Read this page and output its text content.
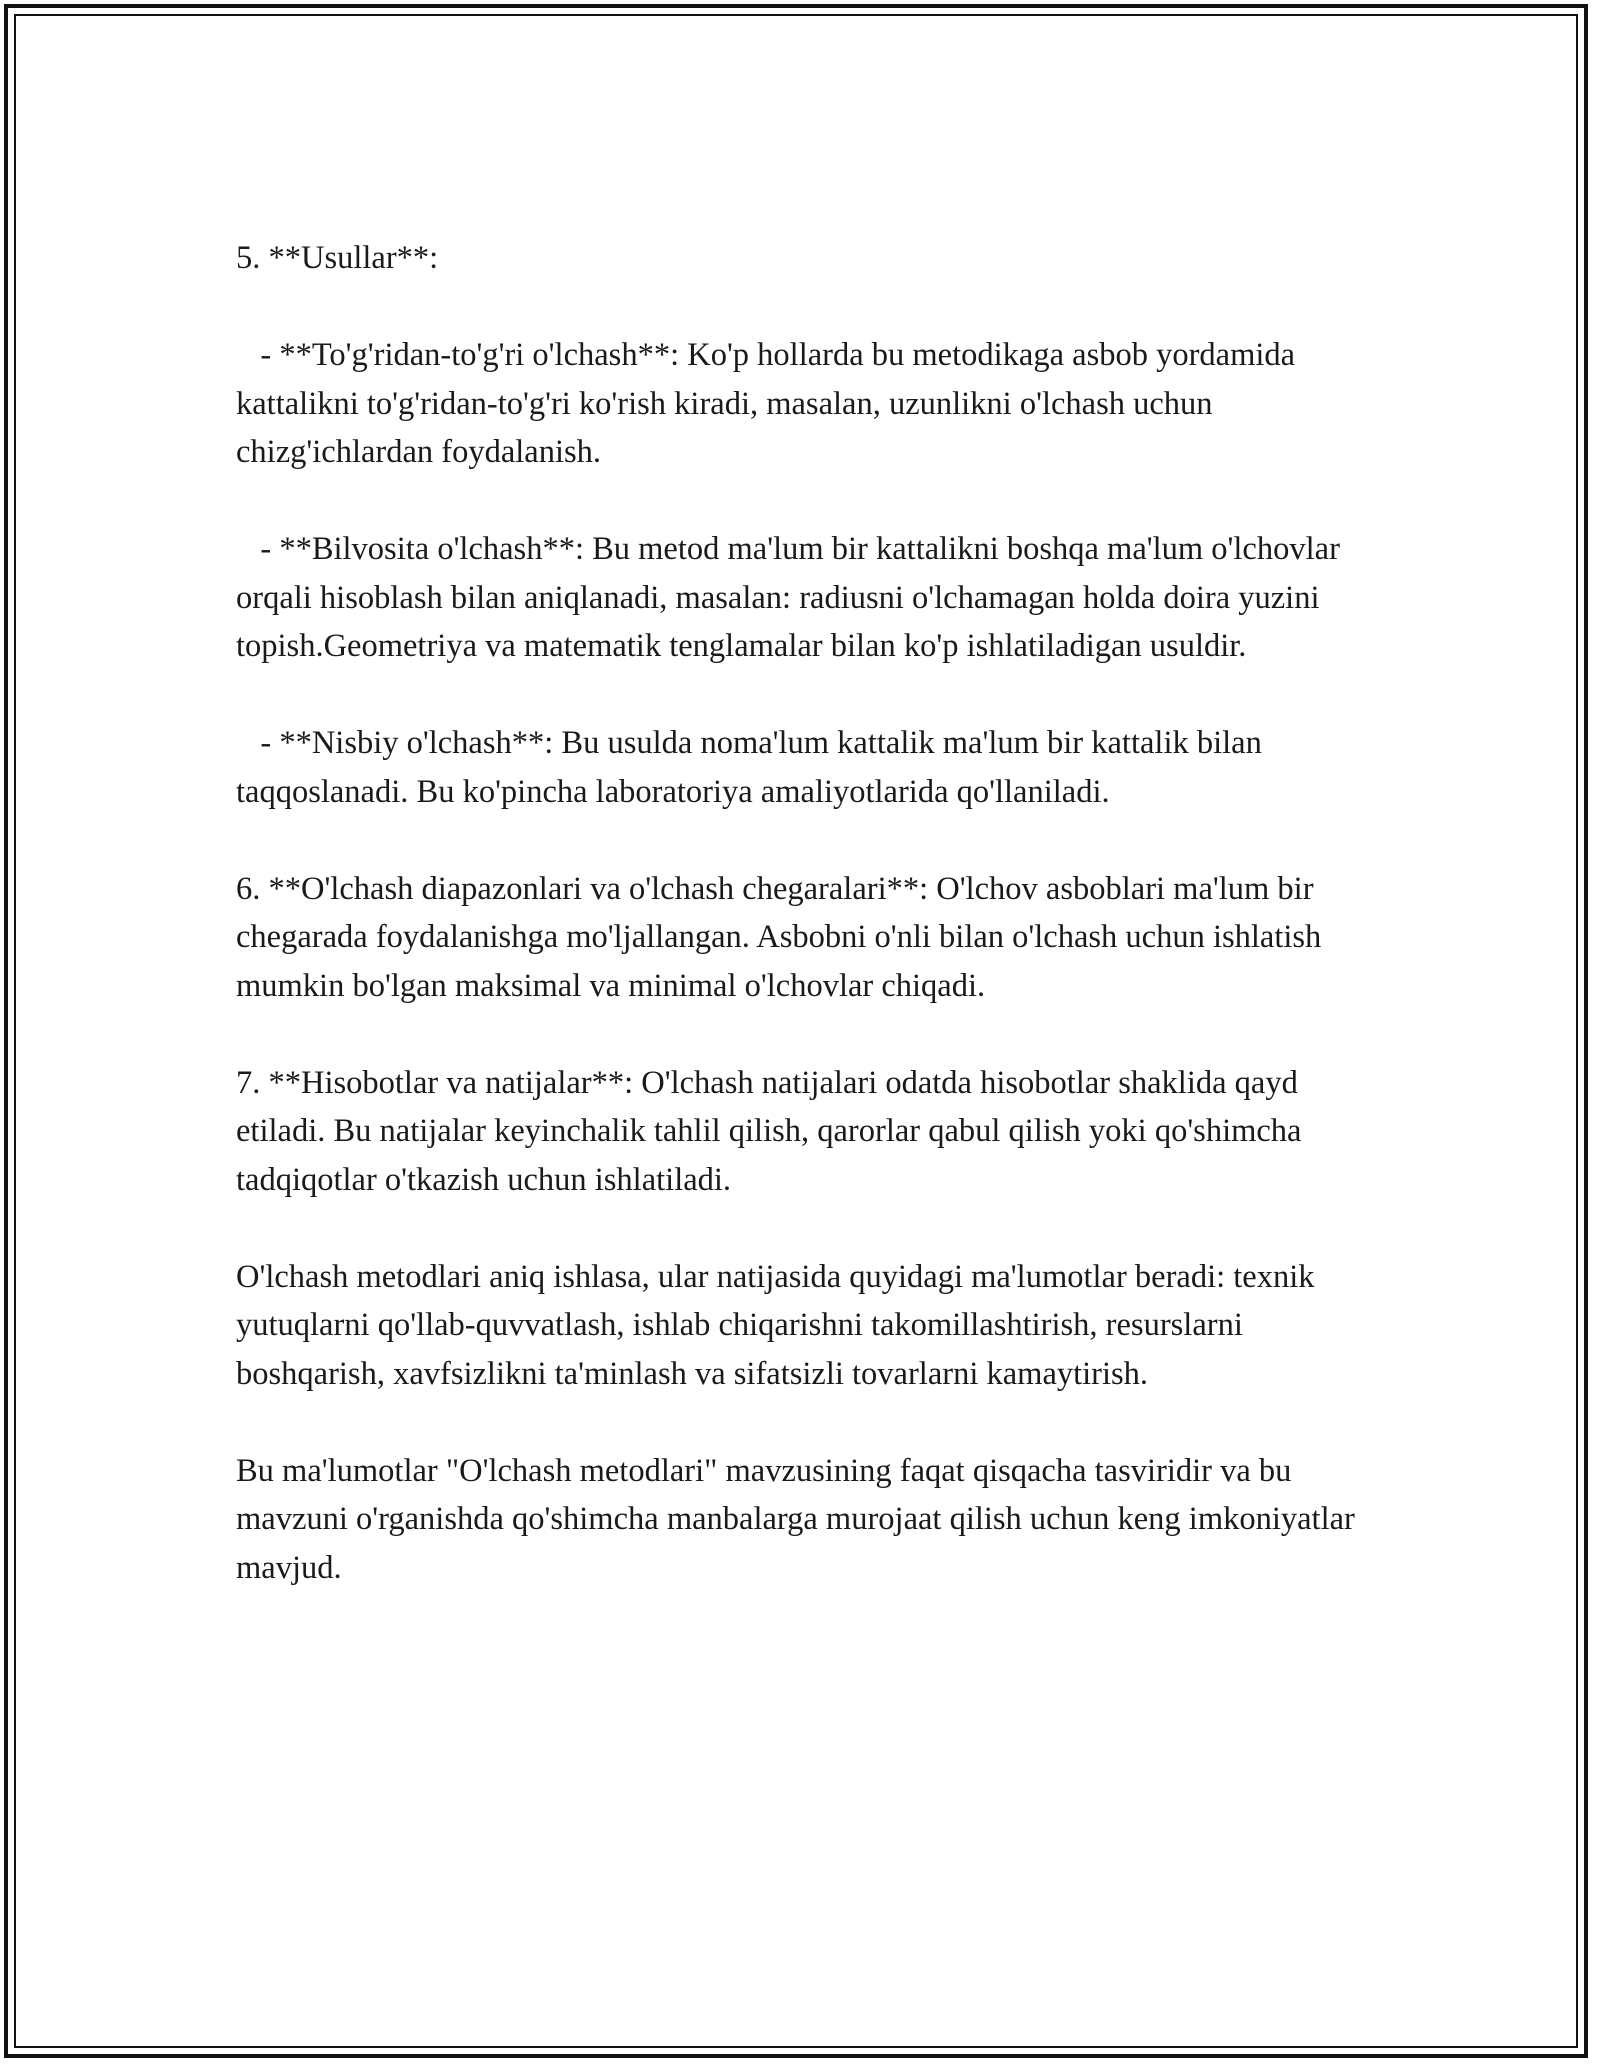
5. **Usullar**:

- **To'g'ridan-to'g'ri o'lchash**: Ko'p hollarda bu metodikaga asbob yordamida kattalikni to'g'ridan-to'g'ri ko'rish kiradi, masalan, uzunlikni o'lchash uchun chizg'ichlardan foydalanish.

- **Bilvosita o'lchash**: Bu metod ma'lum bir kattalikni boshqa ma'lum o'lchovlar orqali hisoblash bilan aniqlanadi, masalan: radiusni o'lchamagan holda doira yuzini topish.Geometriya va matematik tenglamalar bilan ko'p ishlatiladigan usuldir.

- **Nisbiy o'lchash**: Bu usulda noma'lum kattalik ma'lum bir kattalik bilan taqqoslanadi. Bu ko'pincha laboratoriya amaliyotlarida qo'llaniladi.

6. **O'lchash diapazonlari va o'lchash chegaralari**: O'lchov asboblari ma'lum bir chegarada foydalanishga mo'ljallangan. Asbobni o'nli bilan o'lchash uchun ishlatish mumkin bo'lgan maksimal va minimal o'lchovlar chiqadi.

7. **Hisobotlar va natijalar**: O'lchash natijalari odatda hisobotlar shaklida qayd etiladi. Bu natijalar keyinchalik tahlil qilish, qarorlar qabul qilish yoki qo'shimcha tadqiqotlar o'tkazish uchun ishlatiladi.

O'lchash metodlari aniq ishlasa, ular natijasida quyidagi ma'lumotlar beradi: texnik yutuqlarni qo'llab-quvvatlash, ishlab chiqarishni takomillashtirish, resurslarni boshqarish, xavfsizlikni ta'minlash va sifatsizli tovarlarni kamaytirish.

Bu ma'lumotlar "O'lchash metodlari" mavzusining faqat qisqacha tasviridir va bu mavzuni o'rganishda qo'shimcha manbalarga murojaat qilish uchun keng imkoniyatlar mavjud.
